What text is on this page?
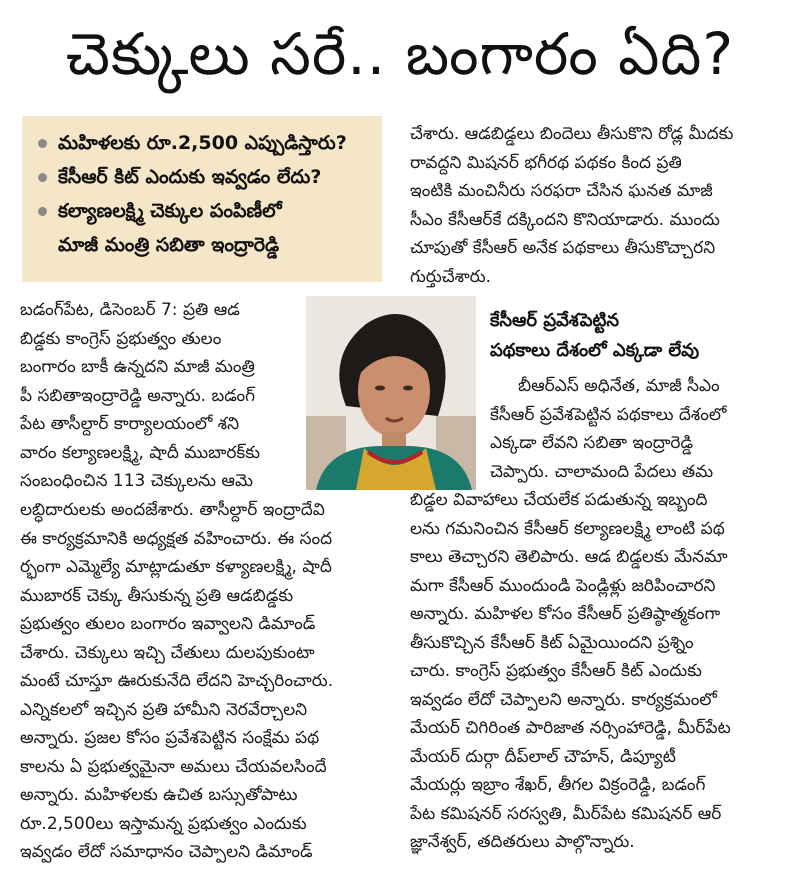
చెక్కులు సరే.. బంగారం ఏది?
మహిళలకు రూ.2,500 ఎప్పుడిస్తారు?
కేసీఆర్ కిట్ ఎందుకు ఇవ్వడం లేదు?
కల్యాణలక్ష్మి చెక్కుల పంపిణీలో
మాజీ మంత్రి సబితా ఇంద్రారెడ్డి
బడంగ్‌పేట, డిసెంబర్ 7: ప్రతి ఆడ
బిడ్డకు కాంగ్రెస్ ప్రభుత్వం తులం
బంగారం బాకీ ఉన్నదని మాజీ మంత్రి
పీ సబితాఇంద్రారెడ్డి అన్నారు. బడంగ్
పేట తాసీల్దార్ కార్యాలయంలో శని
వారం కల్యాణలక్ష్మి, షాదీ ముబారక్‌కు
సంబంధించిన 113 చెక్కులను ఆమె
లబ్ధిదారులకు అందజేశారు. తాసీల్దార్ ఇంద్రాదేవి
ఈ కార్యక్రమానికి అధ్యక్షత వహించారు. ఈ సంద
ర్భంగా ఎమ్మెల్యే మాట్లాడుతూ కళ్యాణలక్ష్మి, షాదీ
ముబారక్ చెక్కు తీసుకున్న ప్రతి ఆడబిడ్డకు
ప్రభుత్వం తులం బంగారం ఇవ్వాలని డిమాండ్
చేశారు. చెక్కులు ఇచ్చి చేతులు దులపుకుంటా
మంటే చూస్తూ ఊరుకునేది లేదని హెచ్చరించారు.
ఎన్నికలలో ఇచ్చిన ప్రతి హామీని నెరవేర్చాలని
అన్నారు. ప్రజల కోసం ప్రవేశపెట్టిన సంక్షేమ పథ
కాలను ఏ ప్రభుత్వమైనా అమలు చేయవలసిందే
అన్నారు. మహిళలకు ఉచిత బస్సుతోపాటు
రూ.2,500లు ఇస్తామన్న ప్రభుత్వం ఎందుకు
ఇవ్వడం లేదో సమాధానం చెప్పాలని డిమాండ్
చేశారు. ఆడబిడ్డలు బిందెలు తీసుకొని రోడ్ల మీదకు
రావద్దని మిషనర్ భగీరథ పథకం కింద ప్రతి
ఇంటికి మంచినీరు సరఫరా చేసిన ఘనత మాజీ
సీఎం కేసీఆర్‌కే దక్కిందని కొనియాడారు. ముందు
చూపుతో కేసీఆర్ అనేక పథకాలు తీసుకొచ్చారని
గుర్తుచేశారు.
కేసీఆర్ ప్రవేశపెట్టిన
పథకాలు దేశంలో ఎక్కడా లేవు
బీఆర్ఎస్ అధినేత, మాజీ సీఎం
కేసీఆర్ ప్రవేశపెట్టిన పథకాలు దేశంలో
ఎక్కడా లేవని సబితా ఇంద్రారెడ్డి
చెప్పారు. చాలామంది పేదలు తమ
బిడ్డల వివాహాలు చేయలేక పడుతున్న ఇబ్బంది
లను గమనించిన కేసీఆర్ కల్యాణలక్ష్మి లాంటి పథ
కాలు తెచ్చారని తెలిపారు. ఆడ బిడ్డలకు మేనమా
మగా కేసీఆర్ ముందుండి పెండ్లిళ్లు జరిపించారని
అన్నారు. మహిళల కోసం కేసీఆర్ ప్రతిష్ఠాత్మకంగా
తీసుకొచ్చిన కేసీఆర్ కిట్ ఏమైయిందని ప్రశ్నిం
చారు. కాంగ్రెస్ ప్రభుత్వం కేసీఆర్ కిట్ ఎందుకు
ఇవ్వడం లేదో చెప్పాలని అన్నారు. కార్యక్రమంలో
మేయర్ చిగిరింత పారిజాత నర్సింహారెడ్డి, మీర్‌పేట
మేయర్ దుర్గా దీప్‌లాల్ చౌహన్, డిప్యూటీ
మేయర్లు ఇబ్రాం శేఖర్, తీగల విక్రంరెడ్డి, బడంగ్
పేట కమిషనర్ సరస్వతి, మీర్‌పేట కమిషనర్ ఆర్
జ్ఞానేశ్వర్, తదితరులు పాల్గొన్నారు.
